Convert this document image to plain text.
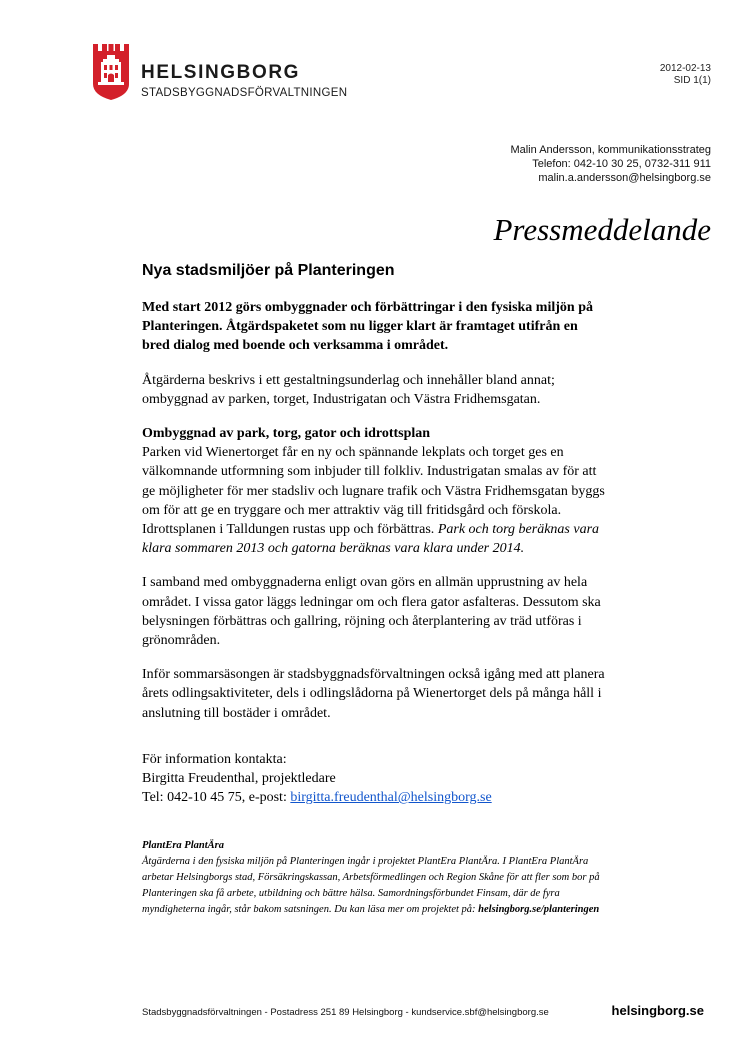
HELSINGBORG
STADSBYGGNADSFÖRVALTNINGEN
2012-02-13
SID 1(1)
Malin Andersson, kommunikationsstrateg
Telefon: 042-10 30 25, 0732-311 911
malin.a.andersson@helsingborg.se
Pressmeddelande
Nya stadsmiljöer på Planteringen

Med start 2012 görs ombyggnader och förbättringar i den fysiska miljön på Planteringen. Åtgärdspaketet som nu ligger klart är framtaget utifrån en bred dialog med boende och verksamma i området.

Åtgärderna beskrivs i ett gestaltningsunderlag och innehåller bland annat; ombyggnad av parken, torget, Industrigatan och Västra Fridhemsgatan.

Ombyggnad av park, torg, gator och idrottsplan
Parken vid Wienertorget får en ny och spännande lekplats och torget ges en välkomnande utformning som inbjuder till folkliv. Industrigatan smalas av för att ge möjligheter för mer stadsliv och lugnare trafik och Västra Fridhemsgatan byggs om för att ge en tryggare och mer attraktiv väg till fritidsgård och förskola. Idrottsplanen i Talldungen rustas upp och förbättras. Park och torg beräknas vara klara sommaren 2013 och gatorna beräknas vara klara under 2014.

I samband med ombyggnaderna enligt ovan görs en allmän upprustning av hela området. I vissa gator läggs ledningar om och flera gator asfalteras. Dessutom ska belysningen förbättras och gallring, röjning och återplantering av träd utföras i grönområden.

Inför sommarsäsongen är stadsbyggnadsförvaltningen också igång med att planera årets odlingsaktiviteter, dels i odlingslådorna på Wienertorget dels på många håll i anslutning till bostäder i området.

För information kontakta:
Birgitta Freudenthal, projektledare
Tel: 042-10 45 75, e-post: birgitta.freudenthal@helsingborg.se
PlantEra PlantÄra
Åtgärderna i den fysiska miljön på Planteringen ingår i projektet PlantEra PlantÄra. I PlantEra PlantÄra arbetar Helsingborgs stad, Försäkringskassan, Arbetsförmedlingen och Region Skåne för att fler som bor på Planteringen ska få arbete, utbildning och bättre hälsa. Samordningsförbundet Finsam, där de fyra myndigheterna ingår, står bakom satsningen. Du kan läsa mer om projektet på: helsingborg.se/planteringen
Stadsbyggnadsförvaltningen - Postadress 251 89 Helsingborg - kundservice.sbf@helsingborg.se	helsingborg.se
